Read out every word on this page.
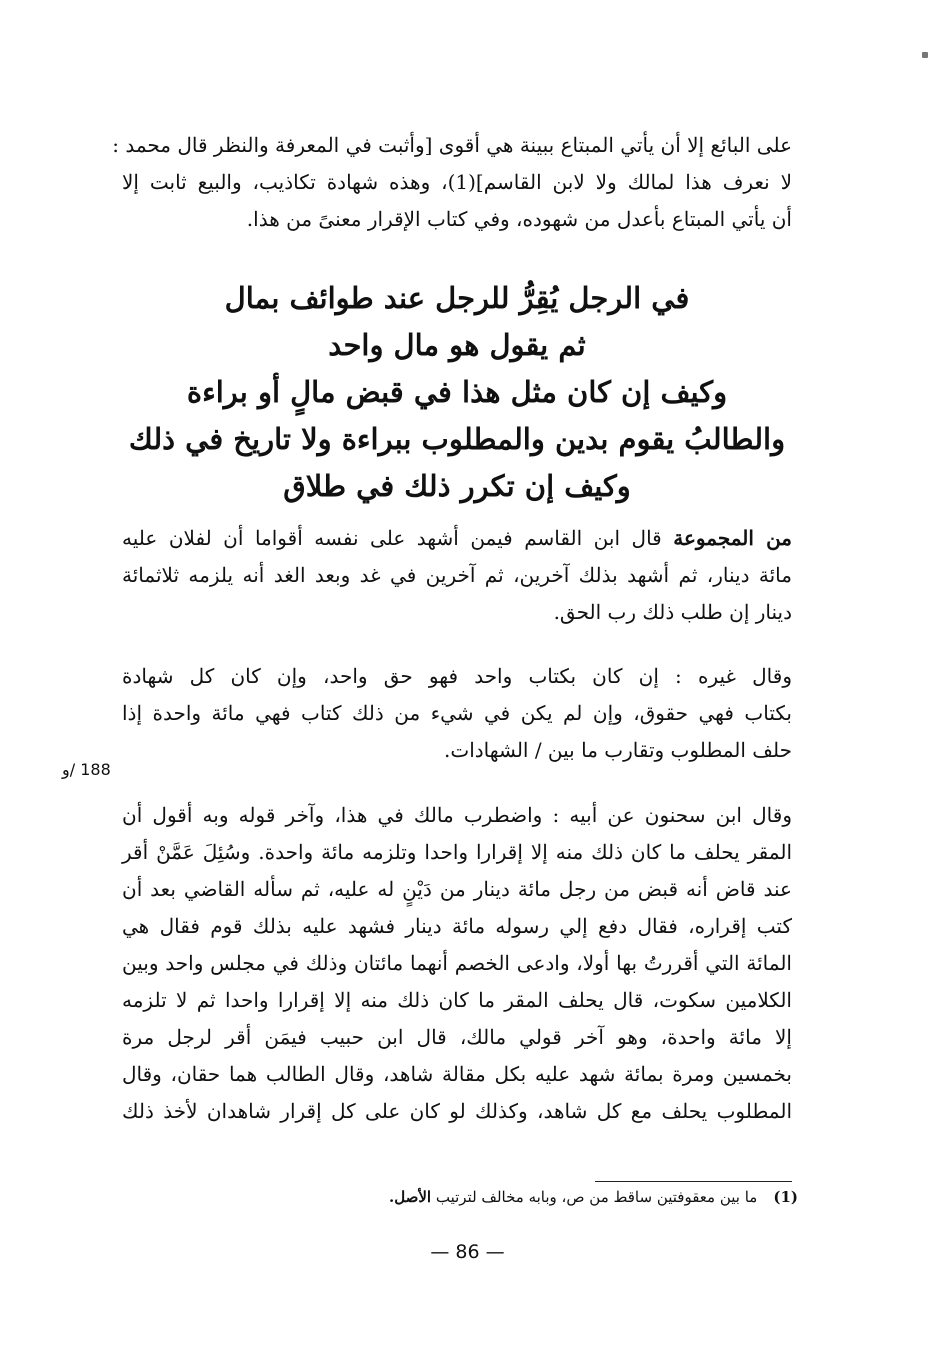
على البائع إلا أن يأتي المبتاع ببينة هي أقوى [وأثبت في المعرفة والنظر قال محمد :
لا نعرف هذا لمالك ولا لابن القاسم](1)، وهذه شهادة تكاذيب، والبيع ثابت إلا
أن يأتي المبتاع بأعدل من شهوده، وفي كتاب الإقرار معنىً من هذا.
في الرجل يُقِرُّ للرجل عند طوائف بمال
ثم يقول هو مال واحد
وكيف إن كان مثل هذا في قبض مالٍ أو براءة
والطالبُ يقوم بدين والمطلوب ببراءة ولا تاريخ في ذلك
وكيف إن تكرر ذلك في طلاق
من المجموعة قال ابن القاسم فيمن أشهد على نفسه أقواما أن لفلان عليه
مائة دينار، ثم أشهد بذلك آخرين، ثم آخرين في غد وبعد الغد أنه يلزمه ثلاثمائة
دينار إن طلب ذلك رب الحق.
وقال غيره : إن كان بكتاب واحد فهو حق واحد، وإن كان كل شهادة
بكتاب فهي حقوق، وإن لم يكن في شيء من ذلك كتاب فهي مائة واحدة إذا
حلف المطلوب وتقارب ما بين / الشهادات.
188 /و
وقال ابن سحنون عن أبيه : واضطرب مالك في هذا، وآخر قوله وبه أقول أن
المقر يحلف ما كان ذلك منه إلا إقرارا واحدا وتلزمه مائة واحدة. وسُئِلَ عَمَّنْ أقر
عند قاض أنه قبض من رجل مائة دينار من دَيْنٍ له عليه، ثم سأله القاضي بعد أن
كتب إقراره، فقال دفع إلي رسوله مائة دينار فشهد عليه بذلك قوم فقال هي
المائة التي أقررتُ بها أولا، وادعى الخصم أنهما مائتان وذلك في مجلس واحد وبين
الكلامين سكوت، قال يحلف المقر ما كان ذلك منه إلا إقرارا واحدا ثم لا تلزمه
إلا مائة واحدة، وهو آخر قولي مالك، قال ابن حبيب فيمَن أقر لرجل مرة
بخمسين ومرة بمائة شهد عليه بكل مقالة شاهد، وقال الطالب هما حقان، وقال
المطلوب يحلف مع كل شاهد، وكذلك لو كان على كل إقرار شاهدان لأخذ ذلك
(1)ما بين معقوفتين ساقط من ص، وبابه مخالف لترتيب الأصل.
— 86 —
